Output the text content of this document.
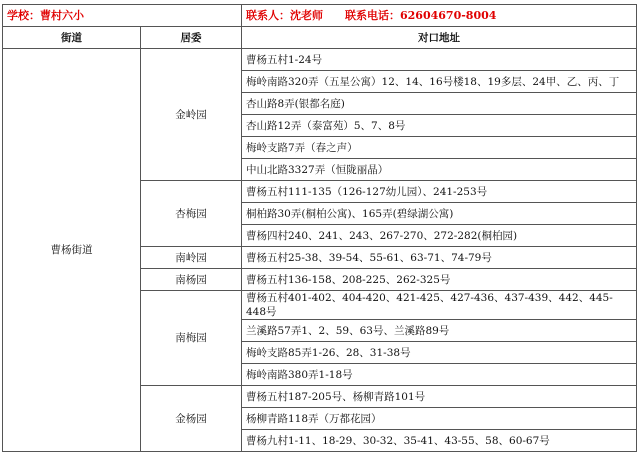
学校：曹村六小		联系人：沈老师 联系电话：62604670-8004
街道	居委	对口地址
曹杨街道	金岭园	曹杨五村1-24号
		梅岭南路320弄（五星公寓）12、14、16号楼18、19多层、24甲、乙、丙、丁
		杏山路8弄(银都名庭)
		杏山路12弄（泰富苑）5、7、8号
		梅岭支路7弄（春之声）
		中山北路3327弄（恒陇丽晶）
	杏梅园	曹杨五村111-135（126-127幼儿园）、241-253号
		桐柏路30弄(桐柏公寓)、165弄(碧绿湖公寓)
		曹杨四村240、241、243、267-270、272-282(桐柏园)
	南岭园	曹杨五村25-38、39-54、55-61、63-71、74-79号
	南杨园	曹杨五村136-158、208-225、262-325号
	南梅园	曹杨五村401-402、404-420、421-425、427-436、437-439、442、445-448号
		兰溪路57弄1、2、59、63号、兰溪路89号
		梅岭支路85弄1-26、28、31-38号
		梅岭南路380弄1-18号
	金杨园	曹杨五村187-205号、杨柳青路101号
		杨柳青路118弄（万都花园）
		曹杨九村1-11、18-29、30-32、35-41、43-55、58、60-67号
